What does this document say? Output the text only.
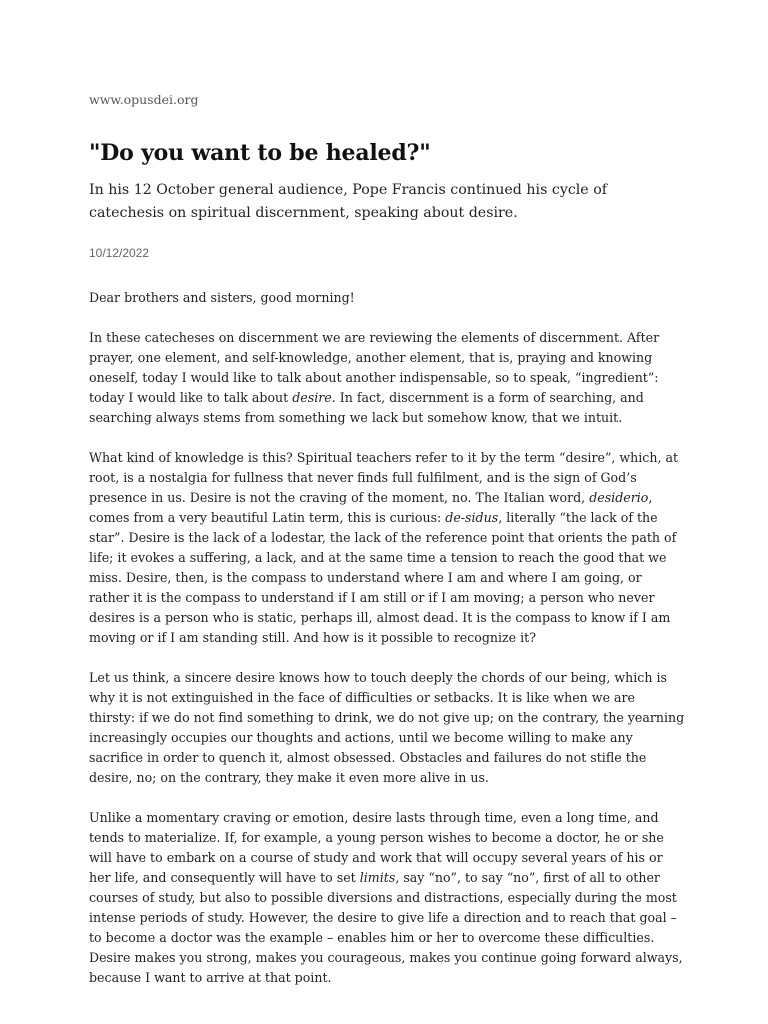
www.opusdei.org
"Do you want to be healed?"

In his 12 October general audience, Pope Francis continued his cycle of catechesis on spiritual discernment, speaking about desire.

10/12/2022

Dear brothers and sisters, good morning!

In these catecheses on discernment we are reviewing the elements of discernment. After prayer, one element, and self-knowledge, another element, that is, praying and knowing oneself, today I would like to talk about another indispensable, so to speak, “ingredient”: today I would like to talk about desire. In fact, discernment is a form of searching, and searching always stems from something we lack but somehow know, that we intuit.

What kind of knowledge is this? Spiritual teachers refer to it by the term “desire”, which, at root, is a nostalgia for fullness that never finds full fulfilment, and is the sign of God’s presence in us. Desire is not the craving of the moment, no. The Italian word, desiderio, comes from a very beautiful Latin term, this is curious: de-sidus, literally “the lack of the star”. Desire is the lack of a lodestar, the lack of the reference point that orients the path of life; it evokes a suffering, a lack, and at the same time a tension to reach the good that we miss. Desire, then, is the compass to understand where I am and where I am going, or rather it is the compass to understand if I am still or if I am moving; a person who never desires is a person who is static, perhaps ill, almost dead. It is the compass to know if I am moving or if I am standing still. And how is it possible to recognize it?

Let us think, a sincere desire knows how to touch deeply the chords of our being, which is why it is not extinguished in the face of difficulties or setbacks. It is like when we are thirsty: if we do not find something to drink, we do not give up; on the contrary, the yearning increasingly occupies our thoughts and actions, until we become willing to make any sacrifice in order to quench it, almost obsessed. Obstacles and failures do not stifle the desire, no; on the contrary, they make it even more alive in us.

Unlike a momentary craving or emotion, desire lasts through time, even a long time, and tends to materialize. If, for example, a young person wishes to become a doctor, he or she will have to embark on a course of study and work that will occupy several years of his or her life, and consequently will have to set limits, say “no”, to say “no”, first of all to other courses of study, but also to possible diversions and distractions, especially during the most intense periods of study. However, the desire to give life a direction and to reach that goal – to become a doctor was the example – enables him or her to overcome these difficulties. Desire makes you strong, makes you courageous, makes you continue going forward always, because I want to arrive at that point.
